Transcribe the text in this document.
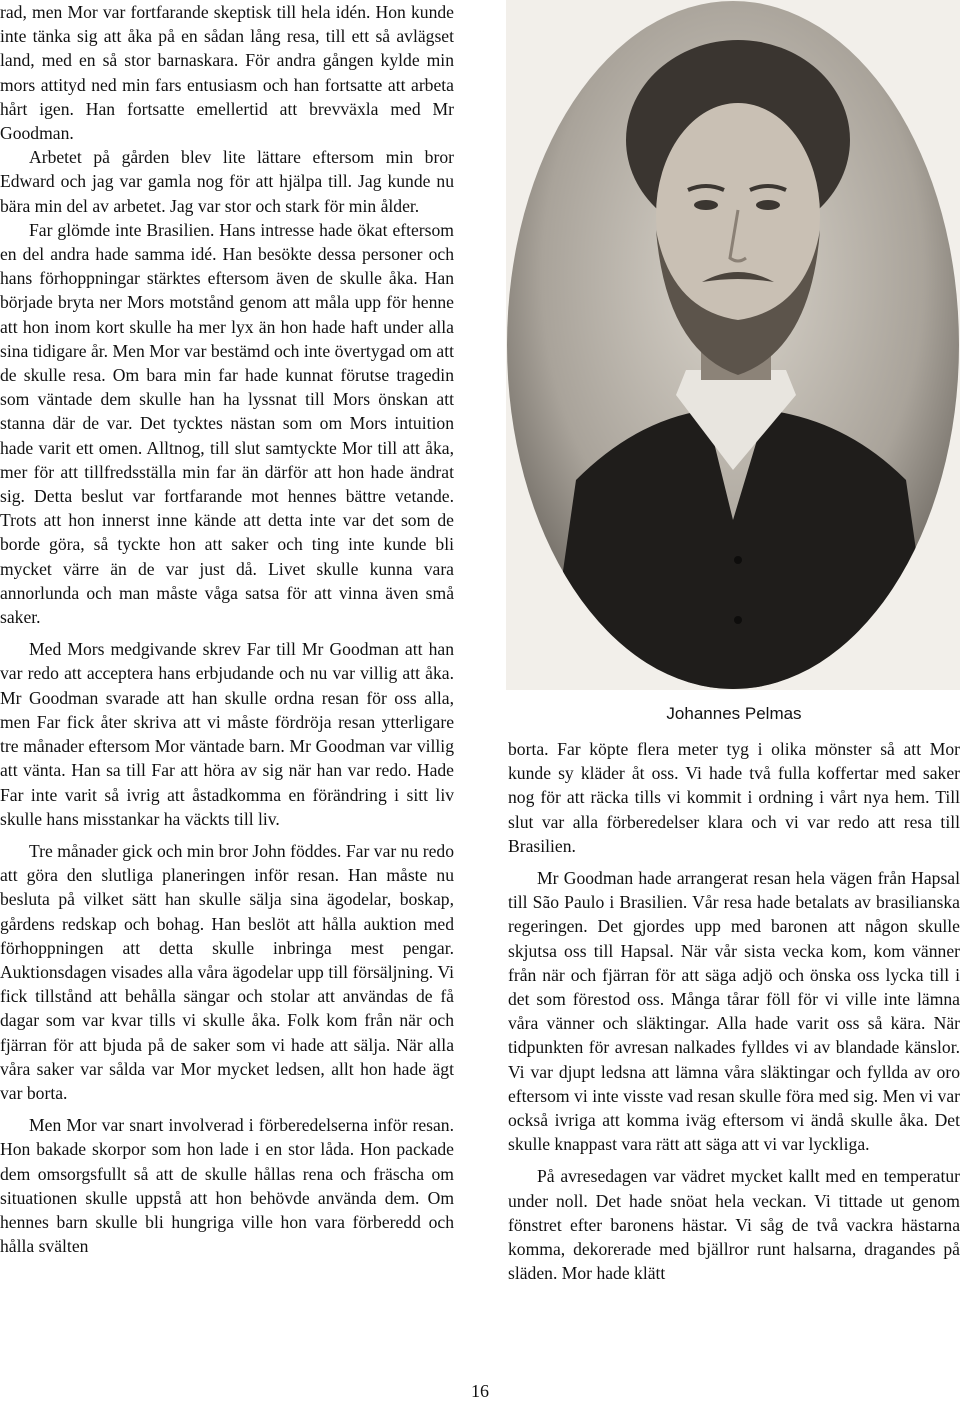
rad, men Mor var fortfarande skeptisk till hela idén. Hon kunde inte tänka sig att åka på en sådan lång resa, till ett så avlägset land, med en så stor barnaskara. För andra gången kylde min mors attityd ned min fars entusiasm och han fortsatte att arbeta hårt igen. Han fortsatte emellertid att brevväxla med Mr Goodman.

Arbetet på gården blev lite lättare eftersom min bror Edward och jag var gamla nog för att hjälpa till. Jag kunde nu bära min del av arbetet. Jag var stor och stark för min ålder.

Far glömde inte Brasilien. Hans intresse hade ökat eftersom en del andra hade samma idé. Han besökte dessa personer och hans förhoppningar stärktes eftersom även de skulle åka. Han började bryta ner Mors motstånd genom att måla upp för henne att hon inom kort skulle ha mer lyx än hon hade haft under alla sina tidigare år. Men Mor var bestämd och inte övertygad om att de skulle resa. Om bara min far hade kunnat förutse tragedin som väntade dem skulle han ha lyssnat till Mors önskan att stanna där de var. Det tycktes nästan som om Mors intuition hade varit ett omen. Alltnog, till slut samtyckte Mor till att åka, mer för att tillfredsställa min far än därför att hon hade ändrat sig. Detta beslut var fortfarande mot hennes bättre vetande. Trots att hon innerst inne kände att detta inte var det som de borde göra, så tyckte hon att saker och ting inte kunde bli mycket värre än de var just då. Livet skulle kunna vara annorlunda och man måste våga satsa för att vinna även små saker.

Med Mors medgivande skrev Far till Mr Goodman att han var redo att acceptera hans erbjudande och nu var villig att åka. Mr Goodman svarade att han skulle ordna resan för oss alla, men Far fick åter skriva att vi måste fördröja resan ytterligare tre månader eftersom Mor väntade barn. Mr Goodman var villig att vänta. Han sa till Far att höra av sig när han var redo. Hade Far inte varit så ivrig att åstadkomma en förändring i sitt liv skulle hans misstankar ha väckts till liv.

Tre månader gick och min bror John föddes. Far var nu redo att göra den slutliga planeringen inför resan. Han måste nu besluta på vilket sätt han skulle sälja sina ägodelar, boskap, gårdens redskap och bohag. Han beslöt att hålla auktion med förhoppningen att detta skulle inbringa mest pengar. Auktionsdagen visades alla våra ägodelar upp till försäljning. Vi fick tillstånd att behålla sängar och stolar att användas de få dagar som var kvar tills vi skulle åka. Folk kom från när och fjärran för att bjuda på de saker som vi hade att sälja. När alla våra saker var sålda var Mor mycket ledsen, allt hon hade ägt var borta.

Men Mor var snart involverad i förberedelserna inför resan. Hon bakade skorpor som hon lade i en stor låda. Hon packade dem omsorgsfullt så att de skulle hållas rena och fräscha om situationen skulle uppstå att hon behövde använda dem. Om hennes barn skulle bli hungriga ville hon vara förberedd och hålla svälten

Johannes Pelmas

borta. Far köpte flera meter tyg i olika mönster så att Mor kunde sy kläder åt oss. Vi hade två fulla koffertar med saker nog för att räcka tills vi kommit i ordning i vårt nya hem. Till slut var alla förberedelser klara och vi var redo att resa till Brasilien.

Mr Goodman hade arrangerat resan hela vägen från Hapsal till São Paulo i Brasilien. Vår resa hade betalats av brasilianska regeringen. Det gjordes upp med baronen att någon skulle skjutsa oss till Hapsal. När vår sista vecka kom, kom vänner från när och fjärran för att säga adjö och önska oss lycka till i det som förestod oss. Många tårar föll för vi ville inte lämna våra vänner och släktingar. Alla hade varit oss så kära. När tidpunkten för avresan nalkades fylldes vi av blandade känslor. Vi var djupt ledsna att lämna våra släktingar och fyllda av oro eftersom vi inte visste vad resan skulle föra med sig. Men vi var också ivriga att komma iväg eftersom vi ändå skulle åka. Det skulle knappast vara rätt att säga att vi var lyckliga.

På avresedagen var vädret mycket kallt med en temperatur under noll. Det hade snöat hela veckan. Vi tittade ut genom fönstret efter baronens hästar. Vi såg de två vackra hästarna komma, dekorerade med bjällror runt halsarna, dragandes på släden. Mor hade klätt

16
